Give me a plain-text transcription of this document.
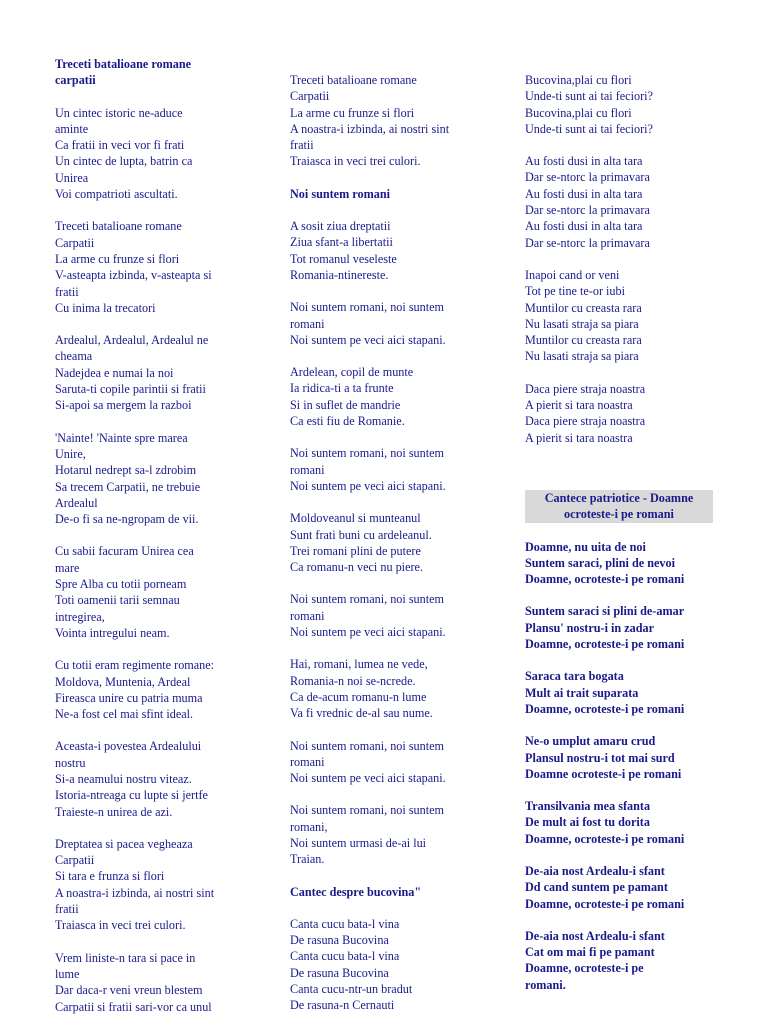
Treceti batalioane romane
carpatii
Un cintec istoric ne-aduce
aminte
Ca fratii in veci vor fi frati
Un cintec de lupta, batrin ca
Unirea
Voi compatrioti ascultati.
Treceti batalioane romane
Carpatii
La arme cu frunze si flori
V-asteapta izbinda, v-asteapta si
fratii
Cu inima la trecatori
Ardealul, Ardealul, Ardealul ne
cheama
Nadejdea e numai la noi
Saruta-ti copile parintii si fratii
Si-apoi sa mergem la razboi
'Nainte! 'Nainte spre marea
Unire,
Hotarul nedrept sa-l zdrobim
Sa trecem Carpatii, ne trebuie
Ardealul
De-o fi sa ne-ngropam de vii.
Cu sabii facuram Unirea cea
mare
Spre Alba cu totii porneam
Toti oamenii tarii semnau
intregirea,
Vointa intregului neam.
Cu totii eram regimente romane:
Moldova, Muntenia, Ardeal
Fireasca unire cu patria muma
Ne-a fost cel mai sfint ideal.
Aceasta-i povestea Ardealului
nostru
Si-a neamului nostru viteaz.
Istoria-ntreaga cu lupte si jertfe
Traieste-n unirea de azi.
Dreptatea si pacea vegheaza
Carpatii
Si tara e frunza si flori
A noastra-i izbinda, ai nostri sint
fratii
Traiasca in veci trei culori.
Vrem liniste-n tara si pace in
lume
Dar daca-r veni vreun blestem
Carpatii si fratii sari-vor ca unul
Treceti batalioane romane
Carpatii
La arme cu frunze si flori
A noastra-i izbinda, ai nostri sint
fratii
Traiasca in veci trei culori.
Noi suntem romani
A sosit ziua dreptatii
Ziua sfant-a libertatii
Tot romanul veseleste
Romania-ntinereste.
Noi suntem romani, noi suntem
romani
Noi suntem pe veci aici stapani.
Ardelean, copil de munte
Ia ridica-ti a ta frunte
Si in suflet de mandrie
Ca esti fiu de Romanie.
Noi suntem romani, noi suntem
romani
Noi suntem pe veci aici stapani.
Moldoveanul si munteanul
Sunt frati buni cu ardeleanul.
Trei romani plini de putere
Ca romanu-n veci nu piere.
Noi suntem romani, noi suntem
romani
Noi suntem pe veci aici stapani.
Hai, romani, lumea ne vede,
Romania-n noi se-ncrede.
Ca de-acum romanu-n lume
Va fi vrednic de-al sau nume.
Noi suntem romani, noi suntem
romani
Noi suntem pe veci aici stapani.
Noi suntem romani, noi suntem
romani,
Noi suntem urmasi de-ai lui
Traian.
Cantec despre bucovina"
Canta cucu bata-l vina
De rasuna Bucovina
Canta cucu bata-l vina
De rasuna Bucovina
Canta cucu-ntr-un bradut
De rasuna-n Cernauti
Bucovina,plai cu flori
Unde-ti sunt ai tai feciori?
Bucovina,plai cu flori
Unde-ti sunt ai tai feciori?
Au fosti dusi in alta tara
Dar se-ntorc la primavara
Au fosti dusi in alta tara
Dar se-ntorc la primavara
Au fosti dusi in alta tara
Dar se-ntorc la primavara
Inapoi cand or veni
Tot pe tine te-or iubi
Muntilor cu creasta rara
Nu lasati straja sa piara
Muntilor cu creasta rara
Nu lasati straja sa piara
Daca piere straja noastra
A pierit si tara noastra
Daca piere straja noastra
A pierit si tara noastra
Cantece patriotice - Doamne
ocroteste-i pe romani
Doamne, nu uita de noi
Suntem saraci, plini de nevoi
Doamne, ocroteste-i pe romani
Suntem saraci si plini de-amar
Plansu' nostru-i in zadar
Doamne, ocroteste-i pe romani
Saraca tara bogata
Mult ai trait suparata
Doamne, ocroteste-i pe romani
Ne-o umplut amaru crud
Plansul nostru-i tot mai surd
Doamne ocroteste-i pe romani
Transilvania mea sfanta
De mult ai fost tu dorita
Doamne, ocroteste-i pe romani
De-aia nost Ardealu-i sfant
Dd cand suntem pe pamant
Doamne, ocroteste-i pe romani
De-aia nost Ardealu-i sfant
Cat om mai fi pe pamant
Doamne, ocroteste-i pe
romani.
